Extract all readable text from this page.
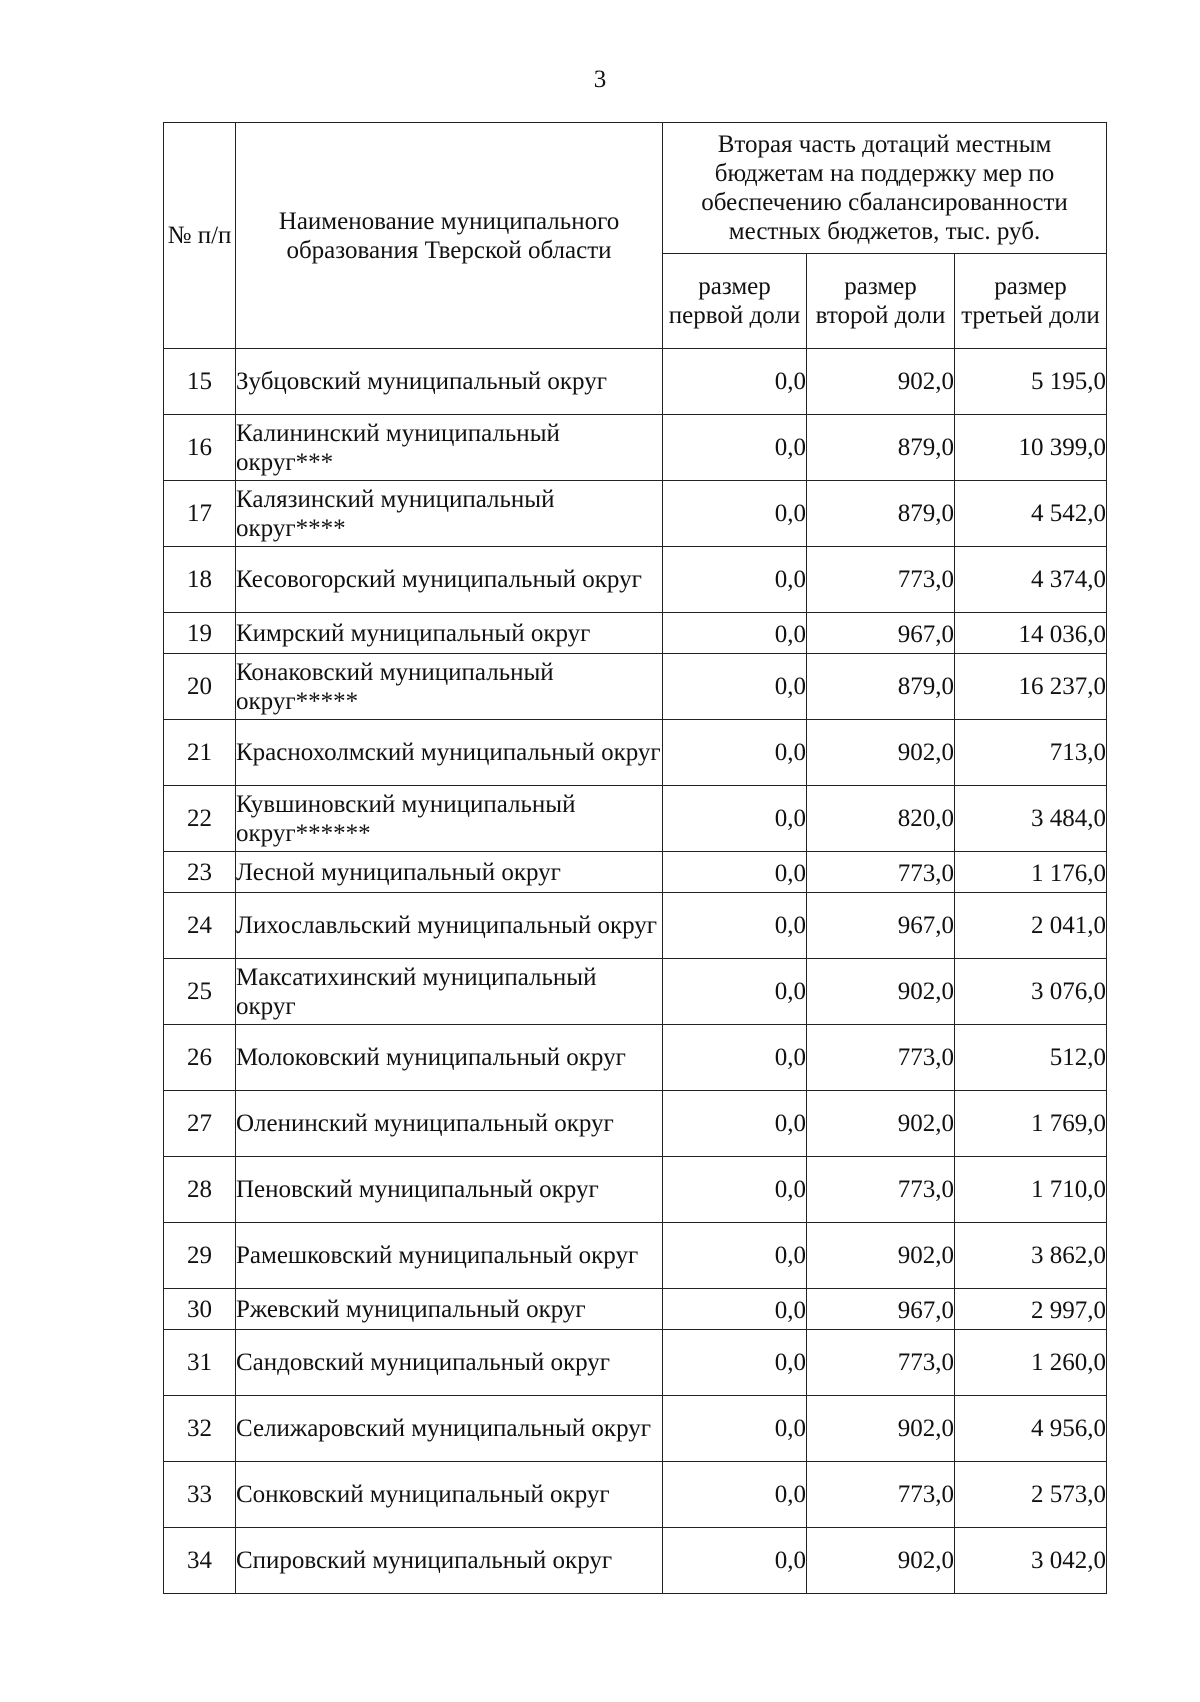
3
№ п/п	Наименование муниципального образования Тверской области	Вторая часть дотаций местным бюджетам на поддержку мер по обеспечению сбалансированности местных бюджетов, тыс. руб.		
		размер первой доли	размер второй доли	размер третьей доли
15	Зубцовский муниципальный округ	0,0	902,0	5 195,0
16	Калининский муниципальный округ***	0,0	879,0	10 399,0
17	Калязинский муниципальный округ****	0,0	879,0	4 542,0
18	Кесовогорский муниципальный округ	0,0	773,0	4 374,0
19	Кимрский муниципальный округ	0,0	967,0	14 036,0
20	Конаковский муниципальный округ*****	0,0	879,0	16 237,0
21	Краснохолмский муниципальный округ	0,0	902,0	713,0
22	Кувшиновский муниципальный округ******	0,0	820,0	3 484,0
23	Лесной муниципальный округ	0,0	773,0	1 176,0
24	Лихославльский муниципальный округ	0,0	967,0	2 041,0
25	Максатихинский муниципальный округ	0,0	902,0	3 076,0
26	Молоковский муниципальный округ	0,0	773,0	512,0
27	Оленинский муниципальный округ	0,0	902,0	1 769,0
28	Пеновский муниципальный округ	0,0	773,0	1 710,0
29	Рамешковский муниципальный округ	0,0	902,0	3 862,0
30	Ржевский муниципальный округ	0,0	967,0	2 997,0
31	Сандовский муниципальный округ	0,0	773,0	1 260,0
32	Селижаровский муниципальный округ	0,0	902,0	4 956,0
33	Сонковский муниципальный округ	0,0	773,0	2 573,0
34	Спировский муниципальный округ	0,0	902,0	3 042,0
